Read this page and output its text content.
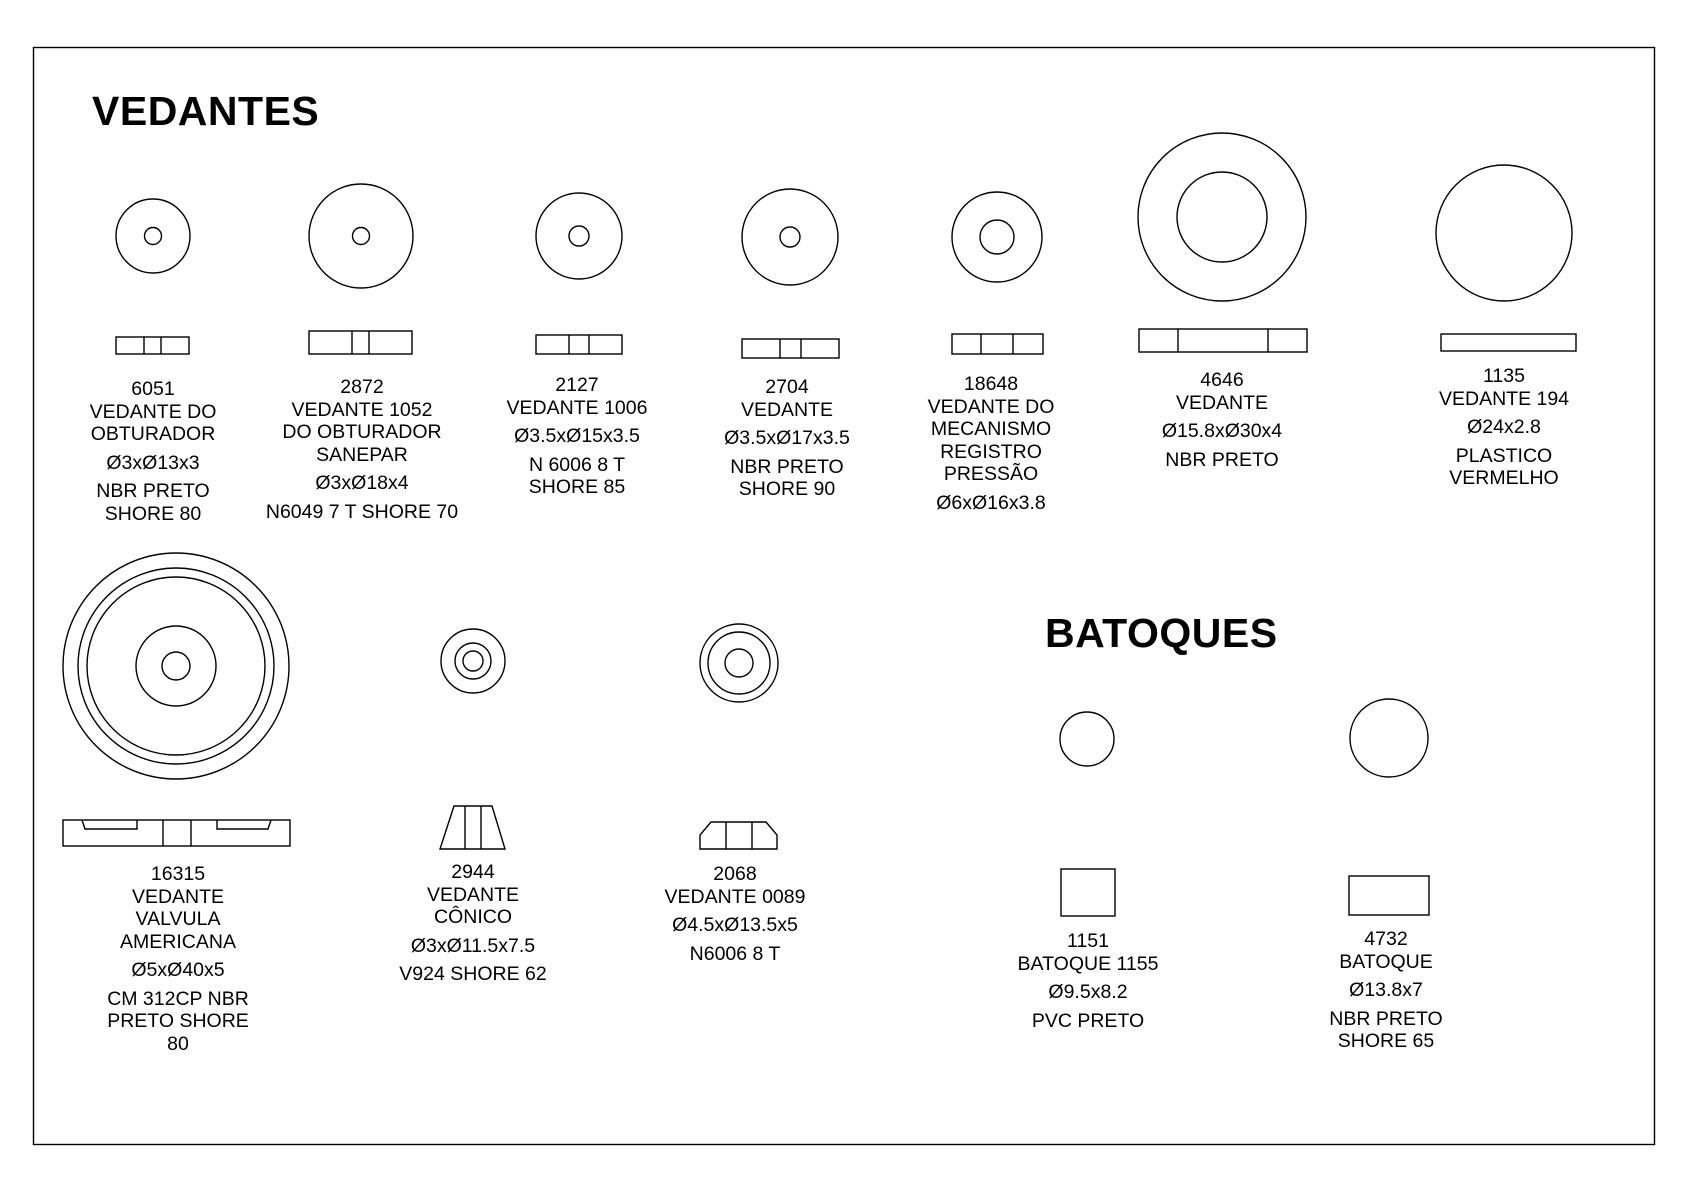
VEDANTES
BATOQUES
6051
VEDANTE DO
OBTURADOR
Ø3xØ13x3
NBR PRETO
SHORE 80
2872
VEDANTE 1052
DO OBTURADOR
SANEPAR
Ø3xØ18x4
N6049 7 T SHORE 70
2127
VEDANTE 1006
Ø3.5xØ15x3.5
N 6006 8 T
SHORE 85
2704
VEDANTE
Ø3.5xØ17x3.5
NBR PRETO
SHORE 90
18648
VEDANTE DO
MECANISMO
REGISTRO
PRESSÃO
Ø6xØ16x3.8
4646
VEDANTE
Ø15.8xØ30x4
NBR PRETO
1135
VEDANTE 194
Ø24x2.8
PLASTICO
VERMELHO
16315
VEDANTE
VALVULA
AMERICANA
Ø5xØ40x5
CM 312CP NBR
PRETO SHORE
80
2944
VEDANTE
CÔNICO
Ø3xØ11.5x7.5
V924 SHORE 62
2068
VEDANTE 0089
Ø4.5xØ13.5x5
N6006 8 T
1151
BATOQUE 1155
Ø9.5x8.2
PVC PRETO
4732
BATOQUE
Ø13.8x7
NBR PRETO
SHORE 65
